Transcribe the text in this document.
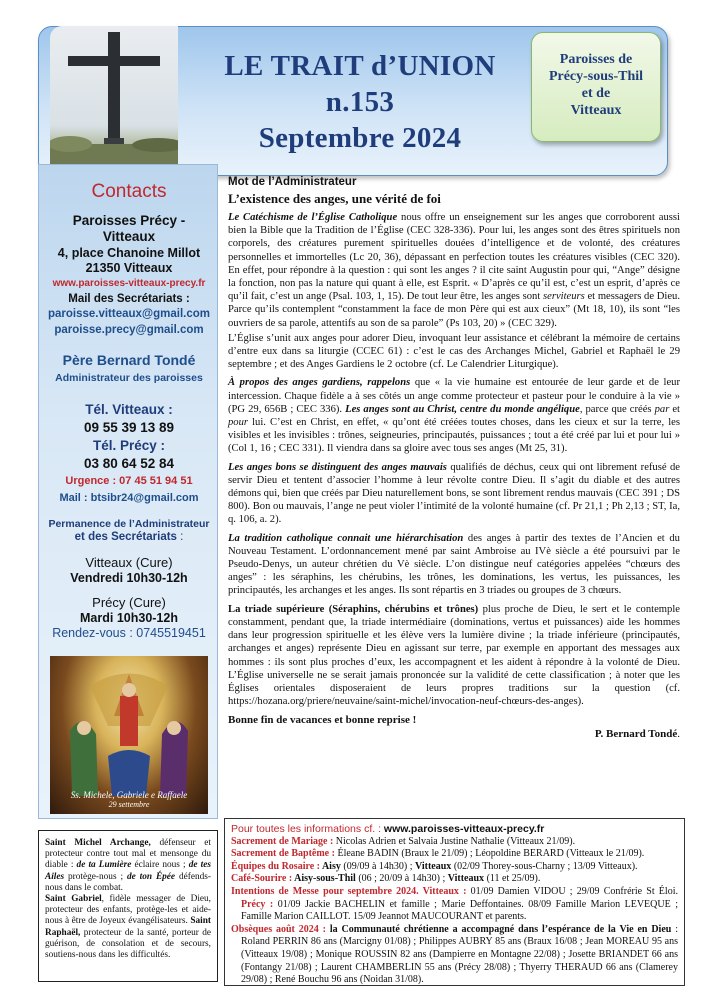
LE TRAIT d’UNION
n.153
Septembre 2024
Paroisses de
Précy-sous-Thil
et de
Vitteaux
Contacts
Paroisses Précy -
Vitteaux
4, place Chanoine Millot
21350 Vitteaux
www.paroisses-vitteaux-precy.fr
Mail des Secrétariats :
paroisse.vitteaux@gmail.com
paroisse.precy@gmail.com
Père Bernard Tondé
Administrateur des paroisses
Tél. Vitteaux :
09 55 39 13 89
Tél. Précy :
03 80 64 52 84
Urgence : 07 45 51 94 51
Mail : btsibr24@gmail.com
Permanence de l’Administrateur
et des Secrétariats :
Vitteaux (Cure)
Vendredi 10h30-12h
Précy (Cure)
Mardi 10h30-12h
Rendez-vous : 0745519451
Ss. Michele, Gabriele e Raffaele
29 settembre
Saint Michel Archange, défenseur et protecteur contre tout mal et mensonge du diable : de ta Lumière éclaire nous ; de tes Ailes protège-nous ; de ton Épée défends-nous dans le combat.
Saint Gabriel, fidèle messager de Dieu, protecteur des enfants, protège-les et aide-nous à être de Joyeux évangélisateurs. Saint Raphaël, protecteur de la santé, porteur de guérison, de consolation et de secours, soutiens-nous dans les difficultés.
Mot de l’Administrateur
L’existence des anges, une vérité de foi

Le Catéchisme de l’Église Catholique nous offre un enseignement sur les anges que corroborent aussi bien la Bible que la Tradition de l’Église (CEC 328-336). Pour lui, les anges sont des êtres spirituels non corporels, des créatures purement spirituelles douées d’intelligence et de volonté, des créatures personnelles et immortelles (Lc 20, 36), dépassant en perfection toutes les créatures visibles (CEC 320). En effet, pour répondre à la question : qui sont les anges ? il cite saint Augustin pour qui, “Ange” désigne la fonction, non pas la nature qui quant à elle, est Esprit. « D’après ce qu’il est, c’est un esprit, d’après ce qu’il fait, c’est un ange (Psal. 103, 1, 15). De tout leur être, les anges sont serviteurs et messagers de Dieu. Parce qu’ils contemplent “constamment la face de mon Père qui est aux cieux” (Mt 18, 10), ils sont “les ouvriers de sa parole, attentifs au son de sa parole” (Ps 103, 20) » (CEC 329).

L’Église s’unit aux anges pour adorer Dieu, invoquant leur assistance et célébrant la mémoire de certains d’entre eux dans sa liturgie (CCEC 61) : c’est le cas des Archanges Michel, Gabriel et Raphaël le 29 septembre ; et des Anges Gardiens le 2 octobre (cf. Le Calendrier Liturgique).

À propos des anges gardiens, rappelons que « la vie humaine est entourée de leur garde et de leur intercession. Chaque fidèle a à ses côtés un ange comme protecteur et pasteur pour le conduire à la vie » (PG 29, 656B ; CEC 336). Les anges sont au Christ, centre du monde angélique, parce que créés par et pour lui. C’est en Christ, en effet, « qu’ont été créées toutes choses, dans les cieux et sur la terre, les visibles et les invisibles : trônes, seigneuries, principautés, puissances ; tout a été créé par lui et pour lui » (Col 1, 16 ; CEC 331). Il viendra dans sa gloire avec tous ses anges (Mt 25, 31).

Les anges bons se distinguent des anges mauvais qualifiés de déchus, ceux qui ont librement refusé de servir Dieu et tentent d’associer l’homme à leur révolte contre Dieu. Il s’agit du diable et des autres démons qui, bien que créés par Dieu naturellement bons, se sont librement rendus mauvais (CEC 391 ; DS 800). Bon ou mauvais, l’ange ne peut violer l’intimité de la volonté humaine (cf. Pr 21,1 ; Ph 2,13 ; ST, Ia, q. 106, a. 2).

La tradition catholique connait une hiérarchisation des anges à partir des textes de l’Ancien et du Nouveau Testament. L’ordonnancement mené par saint Ambroise au IVè siècle a été poursuivi par le Pseudo-Denys, un auteur chrétien du Vè siècle. L’on distingue neuf catégories appelées “chœurs des anges” : les séraphins, les chérubins, les trônes, les dominations, les vertus, les puissances, les principautés, les archanges et les anges. Ils sont répartis en 3 triades ou groupes de 3 chœurs.

La triade supérieure (Séraphins, chérubins et trônes) plus proche de Dieu, le sert et le contemple constamment, pendant que, la triade intermédiaire (dominations, vertus et puissances) aide les hommes dans leur progression spirituelle et les élève vers la lumière divine ; la triade inférieure (principautés, archanges et anges) représente Dieu en agissant sur terre, par exemple en apportant des messages aux hommes : ils sont plus proches d’eux, les accompagnent et les aident à répondre à la volonté de Dieu. L’Église universelle ne se serait jamais prononcée sur la validité de cette classification ; à noter que les Églises orientales disposeraient de leurs propres traditions sur la question (cf. https://hozana.org/priere/neuvaine/saint-michel/invocation-neuf-chœurs-des-anges).

Bonne fin de vacances et bonne reprise !
P. Bernard Tondé.
Pour toutes les informations cf. : www.paroisses-vitteaux-precy.fr
Sacrement de Mariage : Nicolas Adrien et Salvaia Justine Nathalie (Vitteaux 21/09).
Sacrement de Baptême : Éleane BADIN (Braux le 21/09) ; Léopoldine BERARD (Vitteaux le 21/09).
Équipes du Rosaire : Aisy (09/09 à 14h30) ; Vitteaux (02/09 Thorey-sous-Charny ; 13/09 Vitteaux).
Café-Sourire : Aisy-sous-Thil (06 ; 20/09 à 14h30) ; Vitteaux (11 et 25/09).
Intentions de Messe pour septembre 2024. Vitteaux : 01/09 Damien VIDOU ; 29/09 Confrérie St Éloi. Précy : 01/09 Jackie BACHELIN et famille ; Marie Deffontaines. 08/09 Famille Marion LEVEQUE ; Famille Marion CAILLOT. 15/09 Jeannot MAUCOURANT et parents.
Obsèques août 2024 : la Communauté chrétienne a accompagné dans l’espérance de la Vie en Dieu : Roland PERRIN 86 ans (Marcigny 01/08) ; Philippes AUBRY 85 ans (Braux 16/08 ; Jean MOREAU 95 ans (Vitteaux 19/08) ; Monique ROUSSIN 82 ans (Dampierre en Montagne 22/08) ; Josette BRIANDET 66 ans (Fontangy 21/08) ; Laurent CHAMBERLIN 55 ans (Précy 28/08) ; Thyerry THERAUD 66 ans (Clamerey 29/08) ; René Bouchu 96 ans (Noidan 31/08).
